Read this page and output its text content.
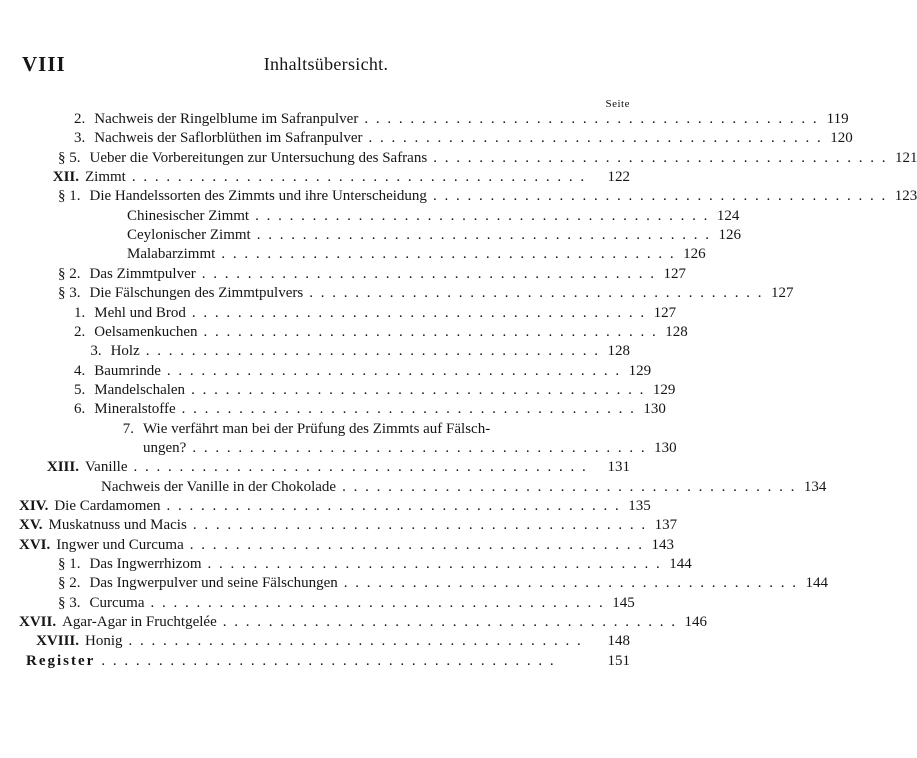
VIII	Inhaltsübersicht.
Seite
2. Nachweis der Ringelblume im Safranpulver . . . . . . . . . . . . . . . . . . . . . . . . . . . . . . . . . . . . . . . . 119
3. Nachweis der Saflorblüthen im Safranpulver . . . . . . . . . . . . . . . . . . . . . . . . . . . . . . . . . . . . . . . . 120
§ 5. Ueber die Vorbereitungen zur Untersuchung des Safrans . . . . . . . . . . . . . . . . . . . . . . . . . . . . . . . . . . . . . . . . 121
XII. Zimmt . . . . . . . . . . . . . . . . . . . . . . . . . . . . . . . . . . . . . . . .	122
§ 1. Die Handelssorten des Zimmts und ihre Unterscheidung . . . . . . . . . . . . . . . . . . . . . . . . . . . . . . . . . . . . . . . . 123
Chinesischer Zimmt . . . . . . . . . . . . . . . . . . . . . . . . . . . . . . . . . . . . . . . . 124
Ceylonischer Zimmt . . . . . . . . . . . . . . . . . . . . . . . . . . . . . . . . . . . . . . . . 126
Malabarzimmt . . . . . . . . . . . . . . . . . . . . . . . . . . . . . . . . . . . . . . . . 126
§ 2. Das Zimmtpulver . . . . . . . . . . . . . . . . . . . . . . . . . . . . . . . . . . . . . . . . 127
§ 3. Die Fälschungen des Zimmtpulvers . . . . . . . . . . . . . . . . . . . . . . . . . . . . . . . . . . . . . . . . 127
1. Mehl und Brod . . . . . . . . . . . . . . . . . . . . . . . . . . . . . . . . . . . . . . . . 127
2. Oelsamenkuchen . . . . . . . . . . . . . . . . . . . . . . . . . . . . . . . . . . . . . . . . 128
3. Holz . . . . . . . . . . . . . . . . . . . . . . . . . . . . . . . . . . . . . . . . 128
4. Baumrinde . . . . . . . . . . . . . . . . . . . . . . . . . . . . . . . . . . . . . . . . 129
5. Mandelschalen . . . . . . . . . . . . . . . . . . . . . . . . . . . . . . . . . . . . . . . . 129
6. Mineralstoffe . . . . . . . . . . . . . . . . . . . . . . . . . . . . . . . . . . . . . . . . 130
7. Wie verfährt man bei der Prüfung des Zimmts auf Fälsch-
ungen? . . . . . . . . . . . . . . . . . . . . . . . . . . . . . . . . . . . . . . . . 130
XIII. Vanille . . . . . . . . . . . . . . . . . . . . . . . . . . . . . . . . . . . . . . . .	131
Nachweis der Vanille in der Chokolade . . . . . . . . . . . . . . . . . . . . . . . . . . . . . . . . . . . . . . . . 134
XIV. Die Cardamomen . . . . . . . . . . . . . . . . . . . . . . . . . . . . . . . . . . . . . . . . 135
XV. Muskatnuss und Macis . . . . . . . . . . . . . . . . . . . . . . . . . . . . . . . . . . . . . . . . 137
XVI. Ingwer und Curcuma . . . . . . . . . . . . . . . . . . . . . . . . . . . . . . . . . . . . . . . . 143
§ 1. Das Ingwerrhizom . . . . . . . . . . . . . . . . . . . . . . . . . . . . . . . . . . . . . . . . 144
§ 2. Das Ingwerpulver und seine Fälschungen . . . . . . . . . . . . . . . . . . . . . . . . . . . . . . . . . . . . . . . . 144
§ 3. Curcuma . . . . . . . . . . . . . . . . . . . . . . . . . . . . . . . . . . . . . . . . 145
XVII. Agar-Agar in Fruchtgelée . . . . . . . . . . . . . . . . . . . . . . . . . . . . . . . . . . . . . . . . 146
XVIII. Honig . . . . . . . . . . . . . . . . . . . . . . . . . . . . . . . . . . . . . . . .	148
Register . . . . . . . . . . . . . . . . . . . . . . . . . . . . . . . . . . . . . . . .	151
